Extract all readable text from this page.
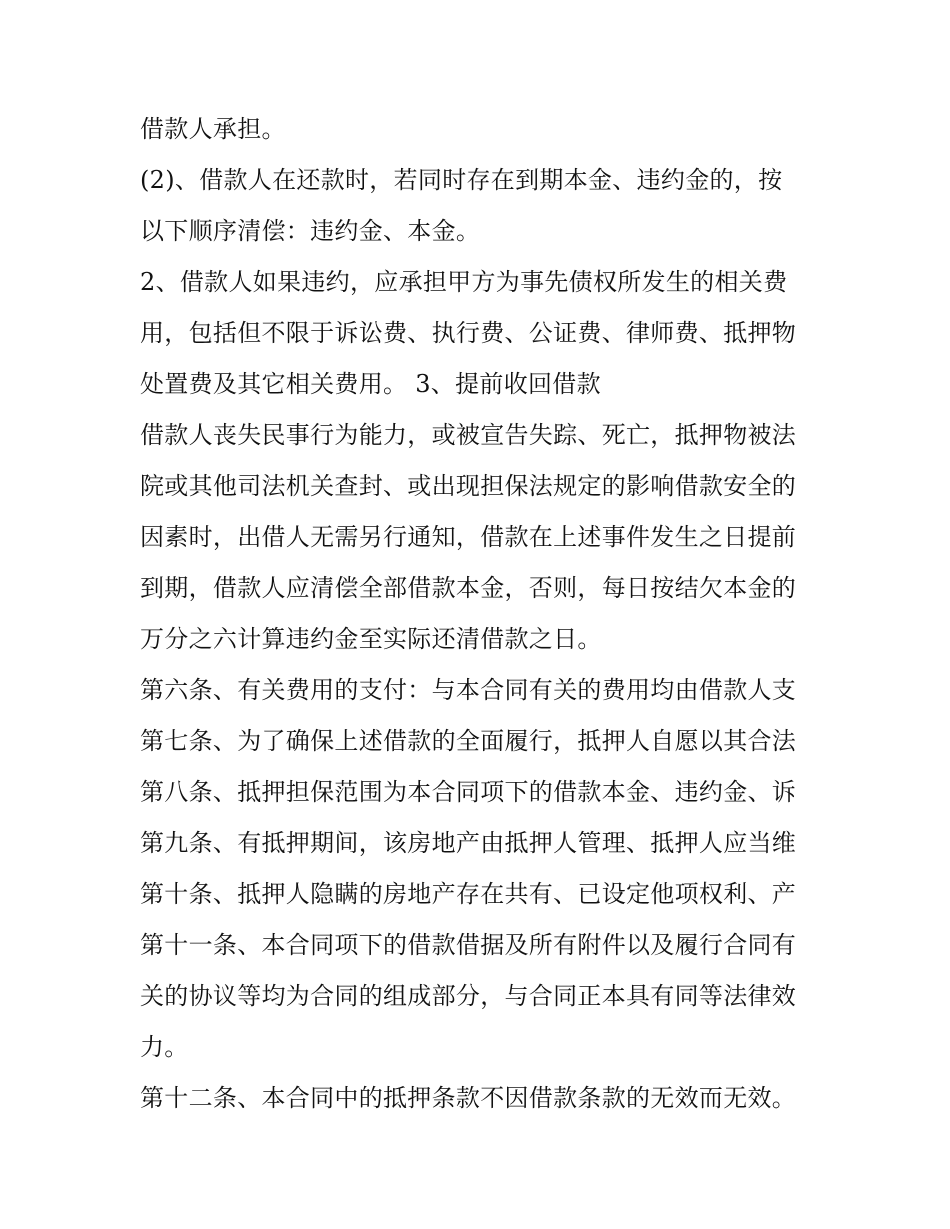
借款人承担。
(2)、借款人在还款时，若同时存在到期本金、违约金的，按
以下顺序清偿：违约金、本金。
2、借款人如果违约，应承担甲方为事先债权所发生的相关费
用，包括但不限于诉讼费、执行费、公证费、律师费、抵押物
处置费及其它相关费用。 3、提前收回借款
借款人丧失民事行为能力，或被宣告失踪、死亡，抵押物被法
院或其他司法机关查封、或出现担保法规定的影响借款安全的
因素时，出借人无需另行通知，借款在上述事件发生之日提前
到期，借款人应清偿全部借款本金，否则，每日按结欠本金的
万分之六计算违约金至实际还清借款之日。
第六条、有关费用的支付：与本合同有关的费用均由借款人支
第七条、为了确保上述借款的全面履行，抵押人自愿以其合法
第八条、抵押担保范围为本合同项下的借款本金、违约金、诉
第九条、有抵押期间，该房地产由抵押人管理、抵押人应当维
第十条、抵押人隐瞒的房地产存在共有、已设定他项权利、产
第十一条、本合同项下的借款借据及所有附件以及履行合同有
关的协议等均为合同的组成部分，与合同正本具有同等法律效
力。
第十二条、本合同中的抵押条款不因借款条款的无效而无效。
